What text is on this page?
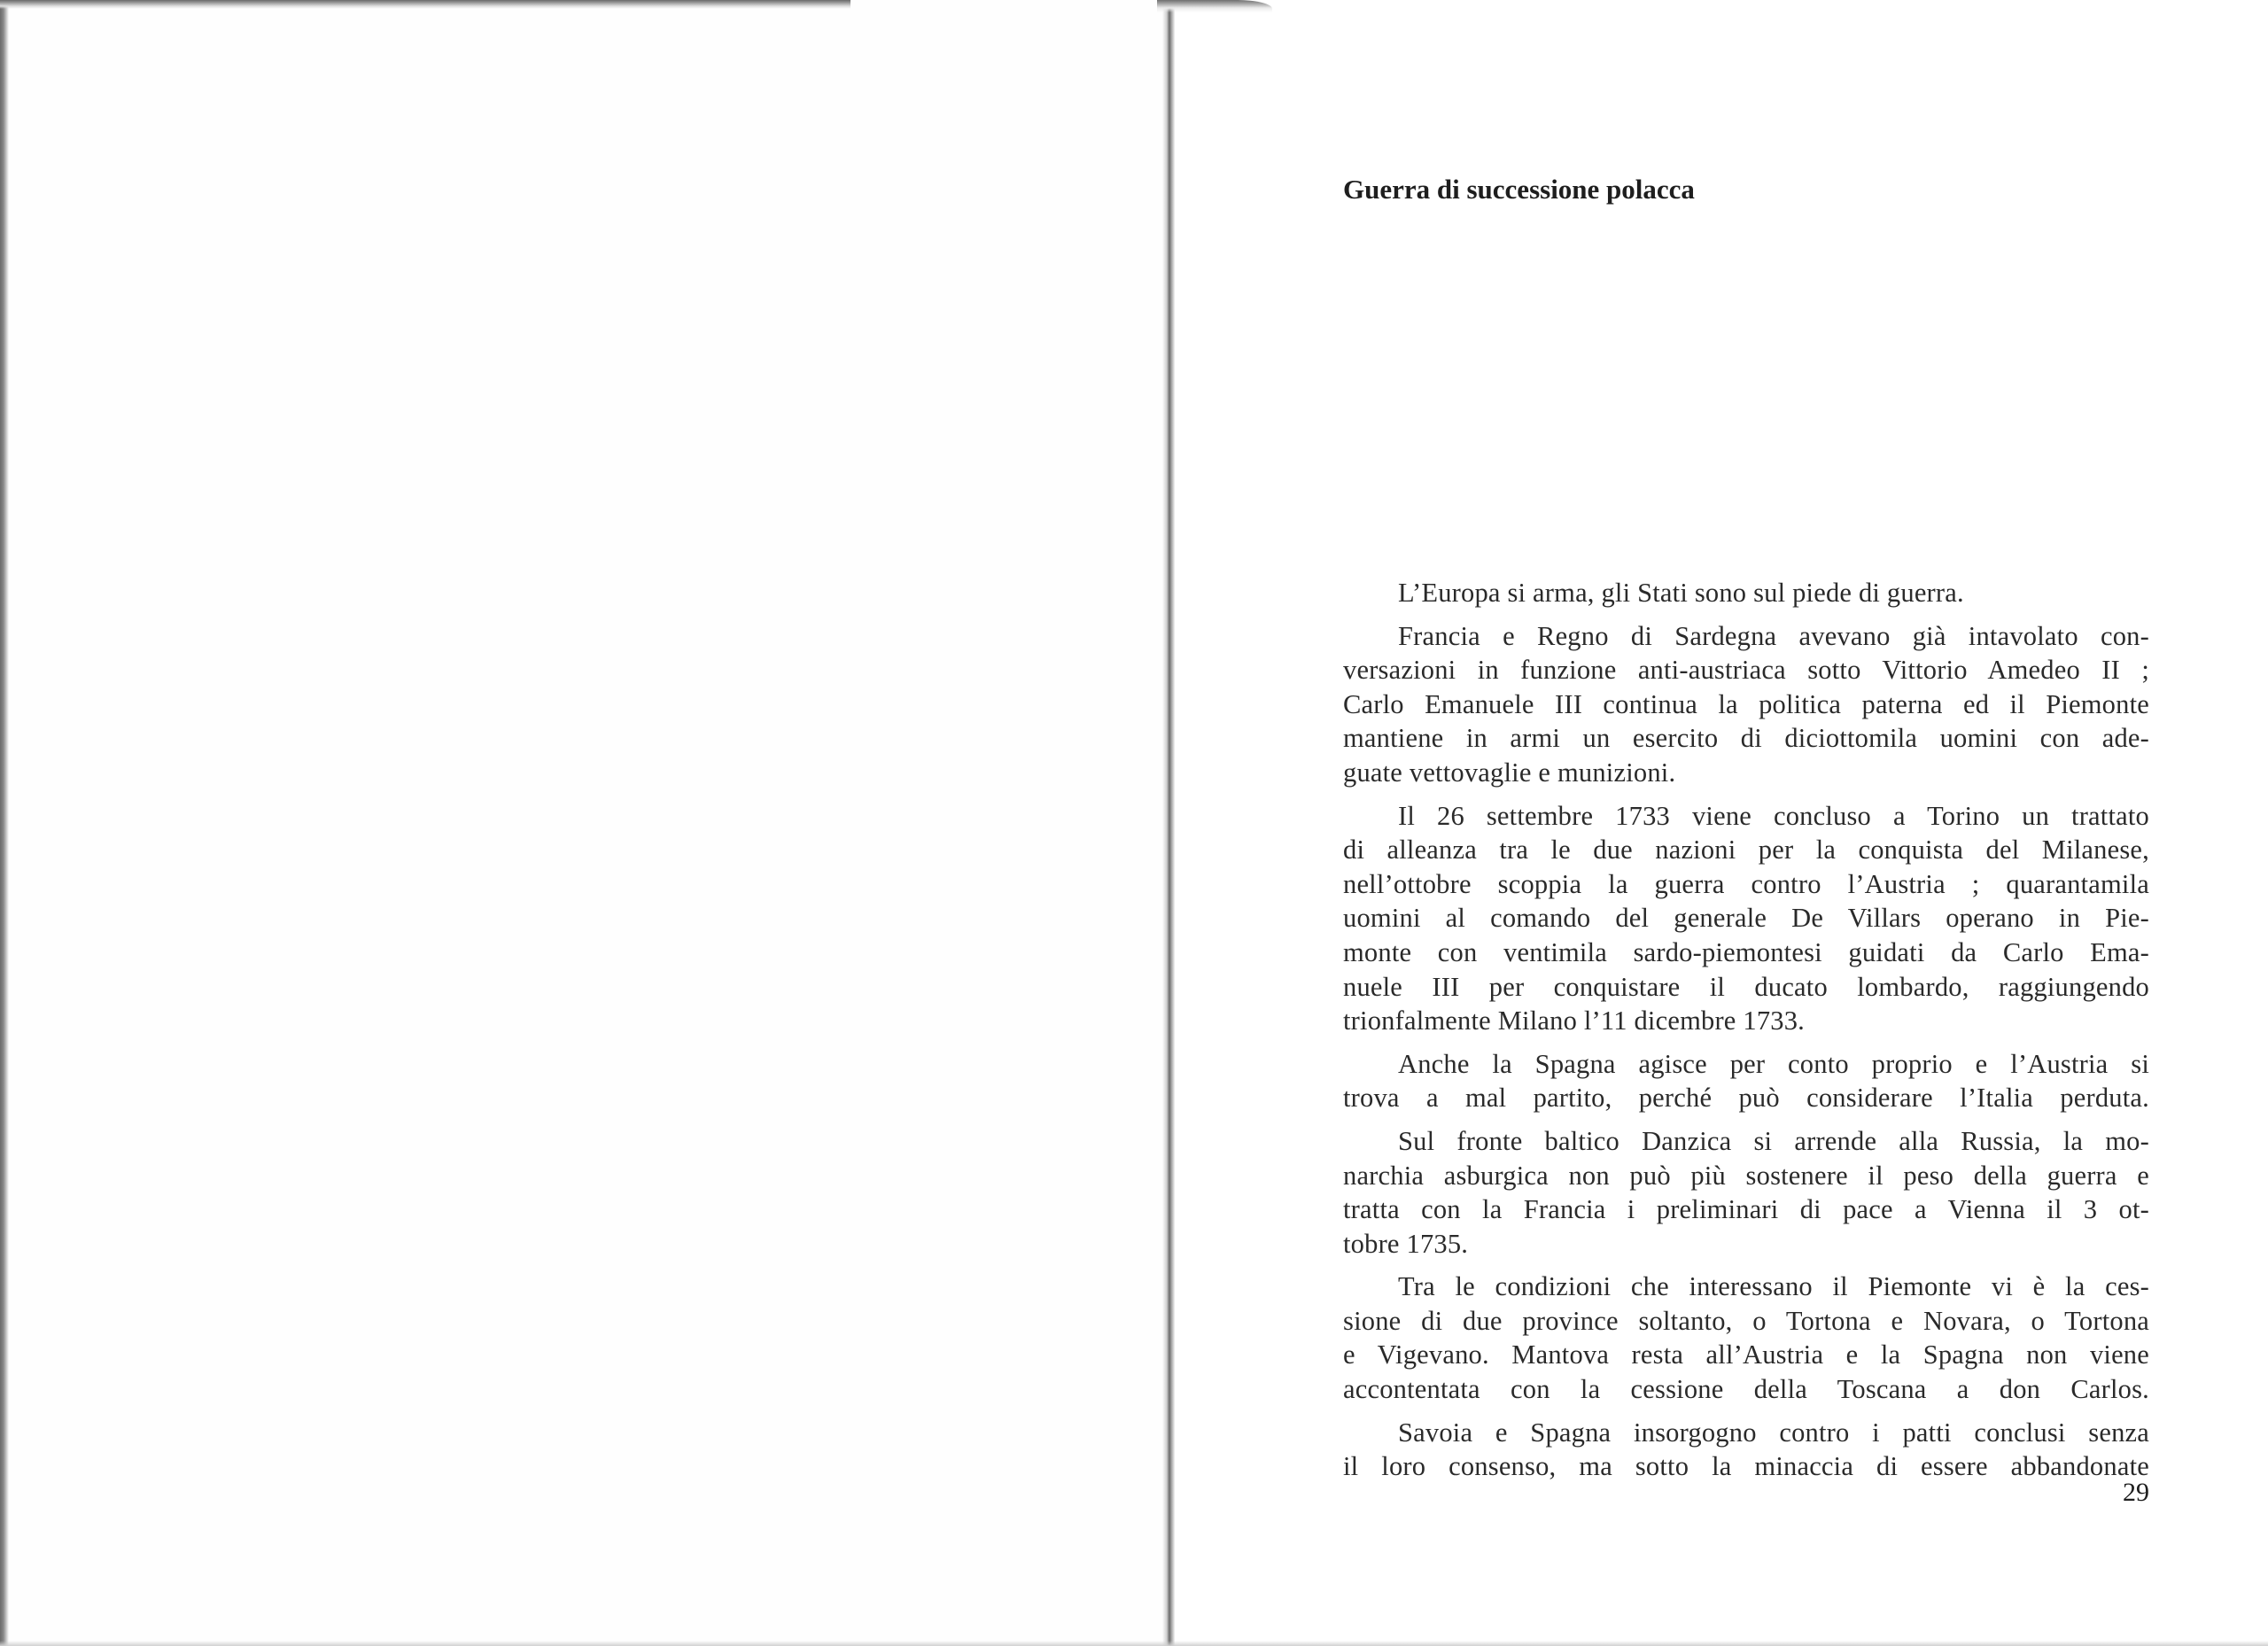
Guerra di successione polacca
L’Europa si arma, gli Stati sono sul piede di guerra.
Francia e Regno di Sardegna avevano già intavolato con-
versazioni in funzione anti-austriaca sotto Vittorio Amedeo II ;
Carlo Emanuele III continua la politica paterna ed il Piemonte
mantiene in armi un esercito di diciottomila uomini con ade-
guate vettovaglie e munizioni.
Il 26 settembre 1733 viene concluso a Torino un trattato
di alleanza tra le due nazioni per la conquista del Milanese,
nell’ottobre scoppia la guerra contro l’Austria ; quarantamila
uomini al comando del generale De Villars operano in Pie-
monte con ventimila sardo-piemontesi guidati da Carlo Ema-
nuele III per conquistare il ducato lombardo, raggiungendo
trionfalmente Milano l’11 dicembre 1733.
Anche la Spagna agisce per conto proprio e l’Austria si
trova a mal partito, perché può considerare l’Italia perduta.
Sul fronte baltico Danzica si arrende alla Russia, la mo-
narchia asburgica non può più sostenere il peso della guerra e
tratta con la Francia i preliminari di pace a Vienna il 3 ot-
tobre 1735.
Tra le condizioni che interessano il Piemonte vi è la ces-
sione di due province soltanto, o Tortona e Novara, o Tortona
e Vigevano. Mantova resta all’Austria e la Spagna non viene
accontentata con la cessione della Toscana a don Carlos.
Savoia e Spagna insorgogno contro i patti conclusi senza
il loro consenso, ma sotto la minaccia di essere abbandonate
29
